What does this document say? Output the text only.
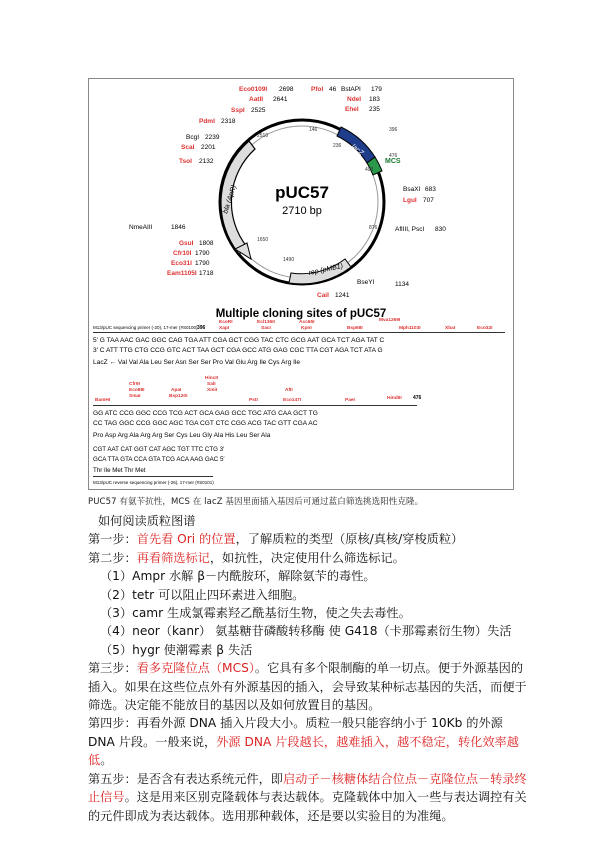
pUC57
2710 bp
bla (ApR)
lacZ
MCS
rep (pMB1)
Eco0109I 2698	PfoI 46 BstAPI 179
NdeI 183
EheI 235
AatII 2641
SspI 2525
PdmI 2318
BcgI 2239
ScaI 2201
TsoI 2132
NmeAIII	1846
GsuI 1808
Cfr10I 1790
Eco31I 1790
Eam1105I 1718
BsaXI 683
LguI 707
AflIII, PscI 830
BseYI	1134
CaiI 1241
2510
146
236
396
476
493
876
1490
1650
Multiple cloning sites of pUC57
M13/pUC sequencing primer (-20), 17-mer (#S0100) 396
EcoRI
XapI
Ecl136II
SacI
Acc65I
KpnI	Bsp68I	Mph1103I
Mva1269I
XbaI	Eco32I
5′ G TAA AAC GAC GGC CAG TGA ATT CGA GCT CGG TAC CTC GCG AAT GCA TCT AGA TAT C
3′ C ATT TTG CTG CCG GTC ACT TAA GCT CGA GCC ATG GAG CGC TTA CGT AGA TCT ATA G
LacZ ← Val Val Ala Leu Ser Asn Ser Ser Pro Val Glu Arg Ile Cys Arg Ile
BamHI
Cfr9I
Eco88I
SmaI
ApaI
Bsp120I
HincII
SalI
XmiI
PstI
AfII
Eco147I	PaeI	HindIII 476
GG ATC CCG GGC CCG TCG ACT GCA GAG GCC TGC ATG CAA GCT TG
CC TAG GGC CCG GGC AGC TGA CGT CTC CGG ACG TAC GTT CGA AC
Pro Asp Arg Ala Arg Arg Ser Cys Leu Gly Ala His Leu Ser Ala
CGT AAT CAT GGT CAT AGC TGT TTC CTG 3′
GCA TTA GTA CCA GTA TCG ACA AAG GAC 5′
Thr Ile Met Thr Met
M13/pUC reverse sequencing primer (-26), 17-mer (#S0101)
PUC57 有氨苄抗性，MCS 在 lacZ 基因里面插入基因后可通过蓝白筛选挑选阳性克隆。

如何阅读质粒图谱

第一步：首先看 Ori 的位置，了解质粒的类型（原核/真核/穿梭质粒）

第二步：再看筛选标记，如抗性，决定使用什么筛选标记。

（1）Ampr 水解 β－内酰胺环，解除氨苄的毒性。

（2）tetr 可以阻止四环素进入细胞。

（3）camr 生成氯霉素羟乙酰基衍生物，使之失去毒性。

（4）neor（kanr） 氨基糖苷磷酸转移酶 使 G418（卡那霉素衍生物）失活

（5）hygr 使潮霉素 β 失活

第三步：看多克隆位点（MCS）。它具有多个限制酶的单一切点。便于外源基因的插入。如果在这些位点外有外源基因的插入，会导致某种标志基因的失活，而便于筛选。决定能不能放目的基因以及如何放置目的基因。

第四步：再看外源 DNA 插入片段大小。质粒一般只能容纳小于 10Kb 的外源 DNA 片段。一般来说，外源 DNA 片段越长，越难插入，越不稳定，转化效率越低。

第五步：是否含有表达系统元件，即启动子－核糖体结合位点－克隆位点－转录终止信号。这是用来区别克隆载体与表达载体。克隆载体中加入一些与表达调控有关的元件即成为表达载体。选用那种载体，还是要以实验目的为准绳。
